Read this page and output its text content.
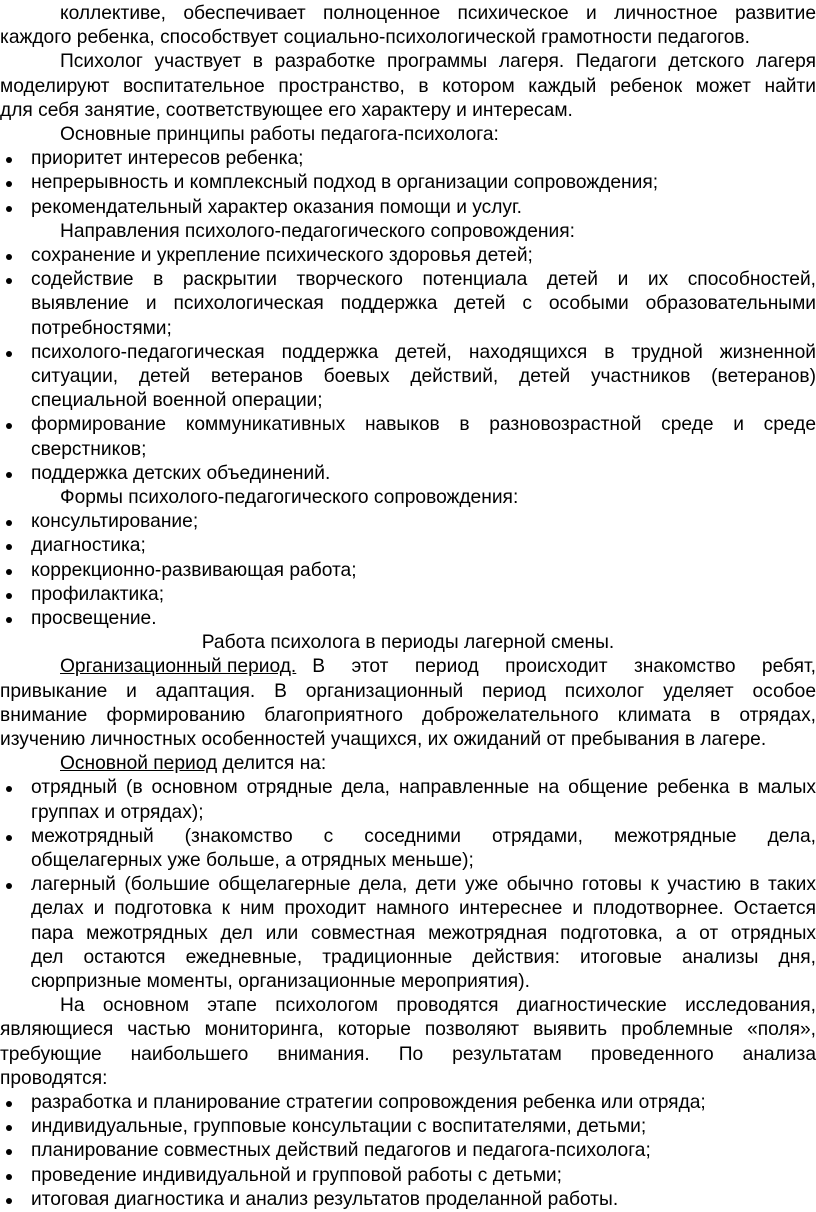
коллективе, обеспечивает полноценное психическое и личностное развитие
каждого ребенка, способствует социально-психологической грамотности педагогов.
Психолог участвует в разработке программы лагеря. Педагоги детского лагеря
моделируют воспитательное пространство, в котором каждый ребенок может найти
для себя занятие, соответствующее его характеру и интересам.
Основные принципы работы педагога-психолога:
приоритет интересов ребенка;
непрерывность и комплексный подход в организации сопровождения;
рекомендательный характер оказания помощи и услуг.
Направления психолого-педагогического сопровождения:
сохранение и укрепление психического здоровья детей;
содействие в раскрытии творческого потенциала детей и их способностей,
выявление и психологическая поддержка детей с особыми образовательными
потребностями;
психолого-педагогическая поддержка детей, находящихся в трудной жизненной
ситуации, детей ветеранов боевых действий, детей участников (ветеранов)
специальной военной операции;
формирование коммуникативных навыков в разновозрастной среде и среде
сверстников;
поддержка детских объединений.
Формы психолого-педагогического сопровождения:
консультирование;
диагностика;
коррекционно-развивающая работа;
профилактика;
просвещение.
Работа психолога в периоды лагерной смены.
Организационный период. В этот период происходит знакомство ребят,
привыкание и адаптация. В организационный период психолог уделяет особое
внимание формированию благоприятного доброжелательного климата в отрядах,
изучению личностных особенностей учащихся, их ожиданий от пребывания в лагере.
Основной период делится на:
отрядный (в основном отрядные дела, направленные на общение ребенка в малых
группах и отрядах);
межотрядный (знакомство с соседними отрядами, межотрядные дела,
общелагерных уже больше, а отрядных меньше);
лагерный (большие общелагерные дела, дети уже обычно готовы к участию в таких
делах и подготовка к ним проходит намного интереснее и плодотворнее. Остается
пара межотрядных дел или совместная межотрядная подготовка, а от отрядных
дел остаются ежедневные, традиционные действия: итоговые анализы дня,
сюрпризные моменты, организационные мероприятия).
На основном этапе психологом проводятся диагностические исследования,
являющиеся частью мониторинга, которые позволяют выявить проблемные «поля»,
требующие наибольшего внимания. По результатам проведенного анализа
проводятся:
разработка и планирование стратегии сопровождения ребенка или отряда;
индивидуальные, групповые консультации с воспитателями, детьми;
планирование совместных действий педагогов и педагога-психолога;
проведение индивидуальной и групповой работы с детьми;
итоговая диагностика и анализ результатов проделанной работы.
